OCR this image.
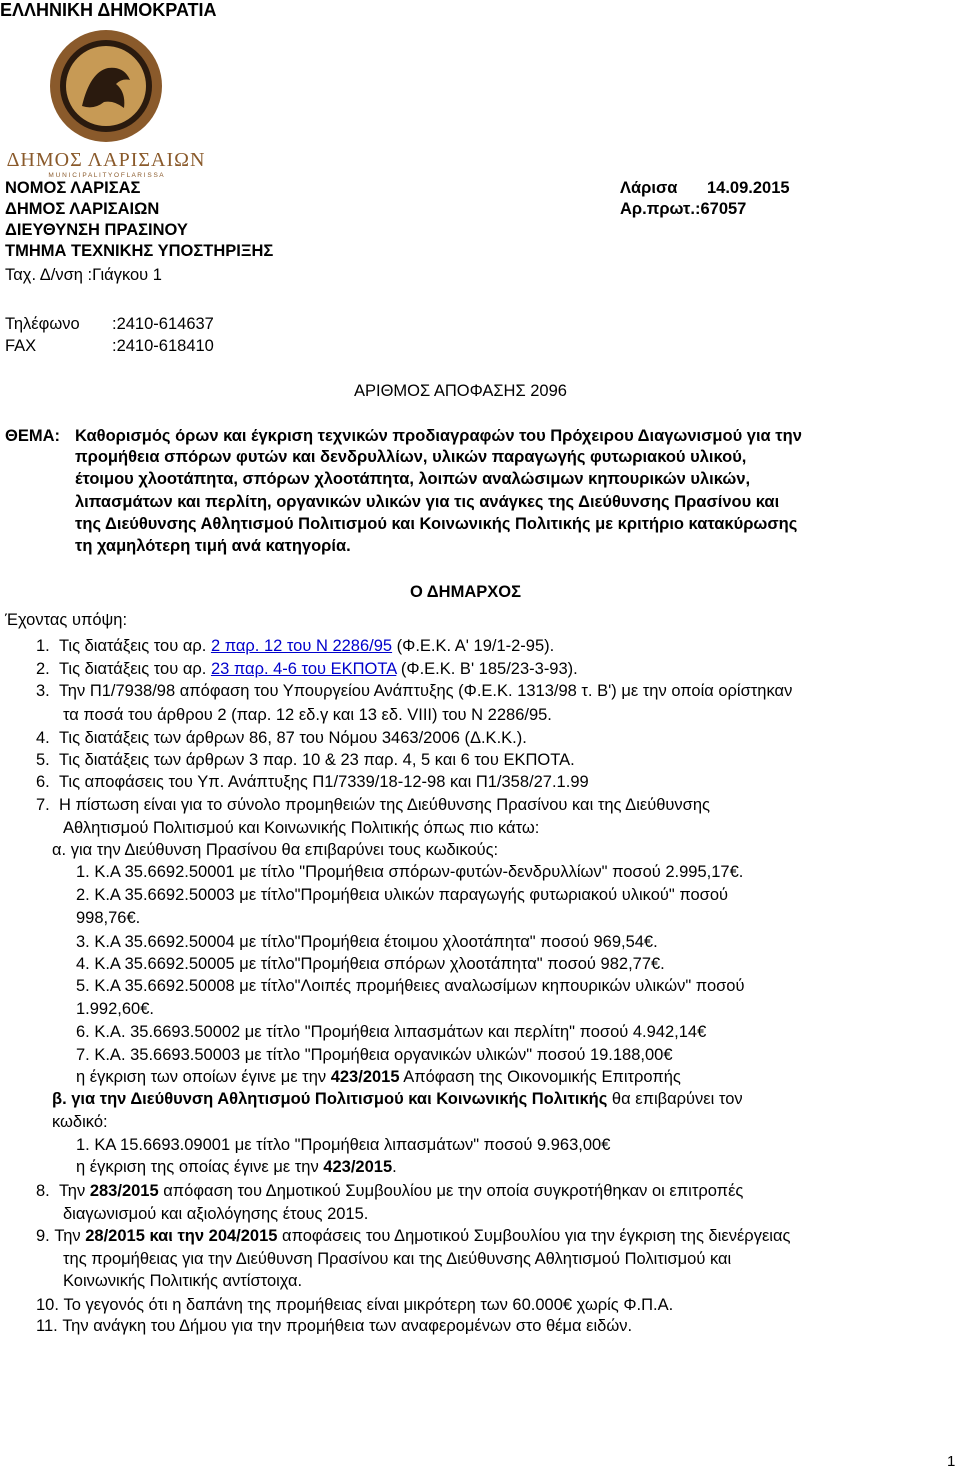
ΕΛΛΗΝΙΚΗ ΔΗΜΟΚΡΑΤΙΑ
ΔΗΜΟΣ ΛΑΡΙΣΑΙΩΝ
M U N I C I P A L I T Y O F L A R I S S A
ΝΟΜΟΣ ΛΑΡΙΣΑΣ
ΔΗΜΟΣ ΛΑΡΙΣΑΙΩΝ
ΔΙΕΥΘΥΝΣΗ ΠΡΑΣΙΝΟΥ
ΤΜΗΜΑ ΤΕΧΝΙΚΗΣ ΥΠΟΣΤΗΡΙΞΗΣ
Ταχ. Δ/νση :Γιάγκου 1
Λάρισα 14.09.2015
Αρ.πρωτ.:67057
Τηλέφωνο :2410-614637
FAX	:2410-618410
ΑΡΙΘΜΟΣ ΑΠΟΦΑΣΗΣ 2096
ΘΕΜΑ: Καθορισμός όρων και έγκριση τεχνικών προδιαγραφών του Πρόχειρου Διαγωνισμού για την
προμήθεια σπόρων φυτών και δενδρυλλίων, υλικών παραγωγής φυτωριακού υλικού,
έτοιμου χλοοτάπητα, σπόρων χλοοτάπητα, λοιπών αναλώσιμων κηπουρικών υλικών,
λιπασμάτων και περλίτη, οργανικών υλικών για τις ανάγκες της Διεύθυνσης Πρασίνου και
της Διεύθυνσης Αθλητισμού Πολιτισμού και Κοινωνικής Πολιτικής με κριτήριο κατακύρωσης
τη χαμηλότερη τιμή ανά κατηγορία.
Ο ΔΗΜΑΡΧΟΣ
Έχοντας υπόψη:
1. Τις διατάξεις του αρ. 2 παρ. 12 του Ν 2286/95 (Φ.Ε.Κ. Α' 19/1-2-95).
2. Τις διατάξεις του αρ. 23 παρ. 4-6 του ΕΚΠΟΤΑ (Φ.Ε.Κ. Β' 185/23-3-93).
3. Την Π1/7938/98 απόφαση του Υπουργείου Ανάπτυξης (Φ.Ε.Κ. 1313/98 τ. Β') με την οποία ορίστηκαν
τα ποσά του άρθρου 2 (παρ. 12 εδ.γ και 13 εδ. VIII) του Ν 2286/95.
4. Τις διατάξεις των άρθρων 86, 87 του Νόμου 3463/2006 (Δ.Κ.Κ.).
5. Τις διατάξεις των άρθρων 3 παρ. 10 & 23 παρ. 4, 5 και 6 του ΕΚΠΟΤΑ.
6. Τις αποφάσεις του Υπ. Ανάπτυξης Π1/7339/18-12-98 και Π1/358/27.1.99
7. Η πίστωση είναι για το σύνολο προμηθειών της Διεύθυνσης Πρασίνου και της Διεύθυνσης
Αθλητισμού Πολιτισμού και Κοινωνικής Πολιτικής όπως πιο κάτω:
α. για την Διεύθυνση Πρασίνου θα επιβαρύνει τους κωδικούς:
1. Κ.Α 35.6692.50001 με τίτλο "Προμήθεια σπόρων-φυτών-δενδρυλλίων" ποσού 2.995,17€.
2. Κ.Α 35.6692.50003 με τίτλο"Προμήθεια υλικών παραγωγής φυτωριακού υλικού" ποσού
998,76€.
3. Κ.Α 35.6692.50004 με τίτλο"Προμήθεια έτοιμου χλοοτάπητα" ποσού 969,54€.
4. Κ.Α 35.6692.50005 με τίτλο"Προμήθεια σπόρων χλοοτάπητα" ποσού 982,77€.
5. Κ.Α 35.6692.50008 με τίτλο"Λοιπές προμήθειες αναλωσίμων κηπουρικών υλικών" ποσού
1.992,60€.
6. Κ.Α. 35.6693.50002 με τίτλο "Προμήθεια λιπασμάτων και περλίτη" ποσού 4.942,14€
7. Κ.Α. 35.6693.50003 με τίτλο "Προμήθεια οργανικών υλικών" ποσού 19.188,00€
η έγκριση των οποίων έγινε με την 423/2015 Απόφαση της Οικονομικής Επιτροπής
β. για την Διεύθυνση Αθλητισμού Πολιτισμού και Κοινωνικής Πολιτικής θα επιβαρύνει τον
κωδικό:
1. ΚΑ 15.6693.09001 με τίτλο "Προμήθεια λιπασμάτων" ποσού 9.963,00€
η έγκριση της οποίας έγινε με την 423/2015.
8. Την 283/2015 απόφαση του Δημοτικού Συμβουλίου με την οποία συγκροτήθηκαν οι επιτροπές
διαγωνισμού και αξιολόγησης έτους 2015.
9. Την 28/2015 και την 204/2015 αποφάσεις του Δημοτικού Συμβουλίου για την έγκριση της διενέργειας
της προμήθειας για την Διεύθυνση Πρασίνου και της Διεύθυνσης Αθλητισμού Πολιτισμού και
Κοινωνικής Πολιτικής αντίστοιχα.
10. Το γεγονός ότι η δαπάνη της προμήθειας είναι μικρότερη των 60.000€ χωρίς Φ.Π.Α.
11. Την ανάγκη του Δήμου για την προμήθεια των αναφερομένων στο θέμα ειδών.
1
